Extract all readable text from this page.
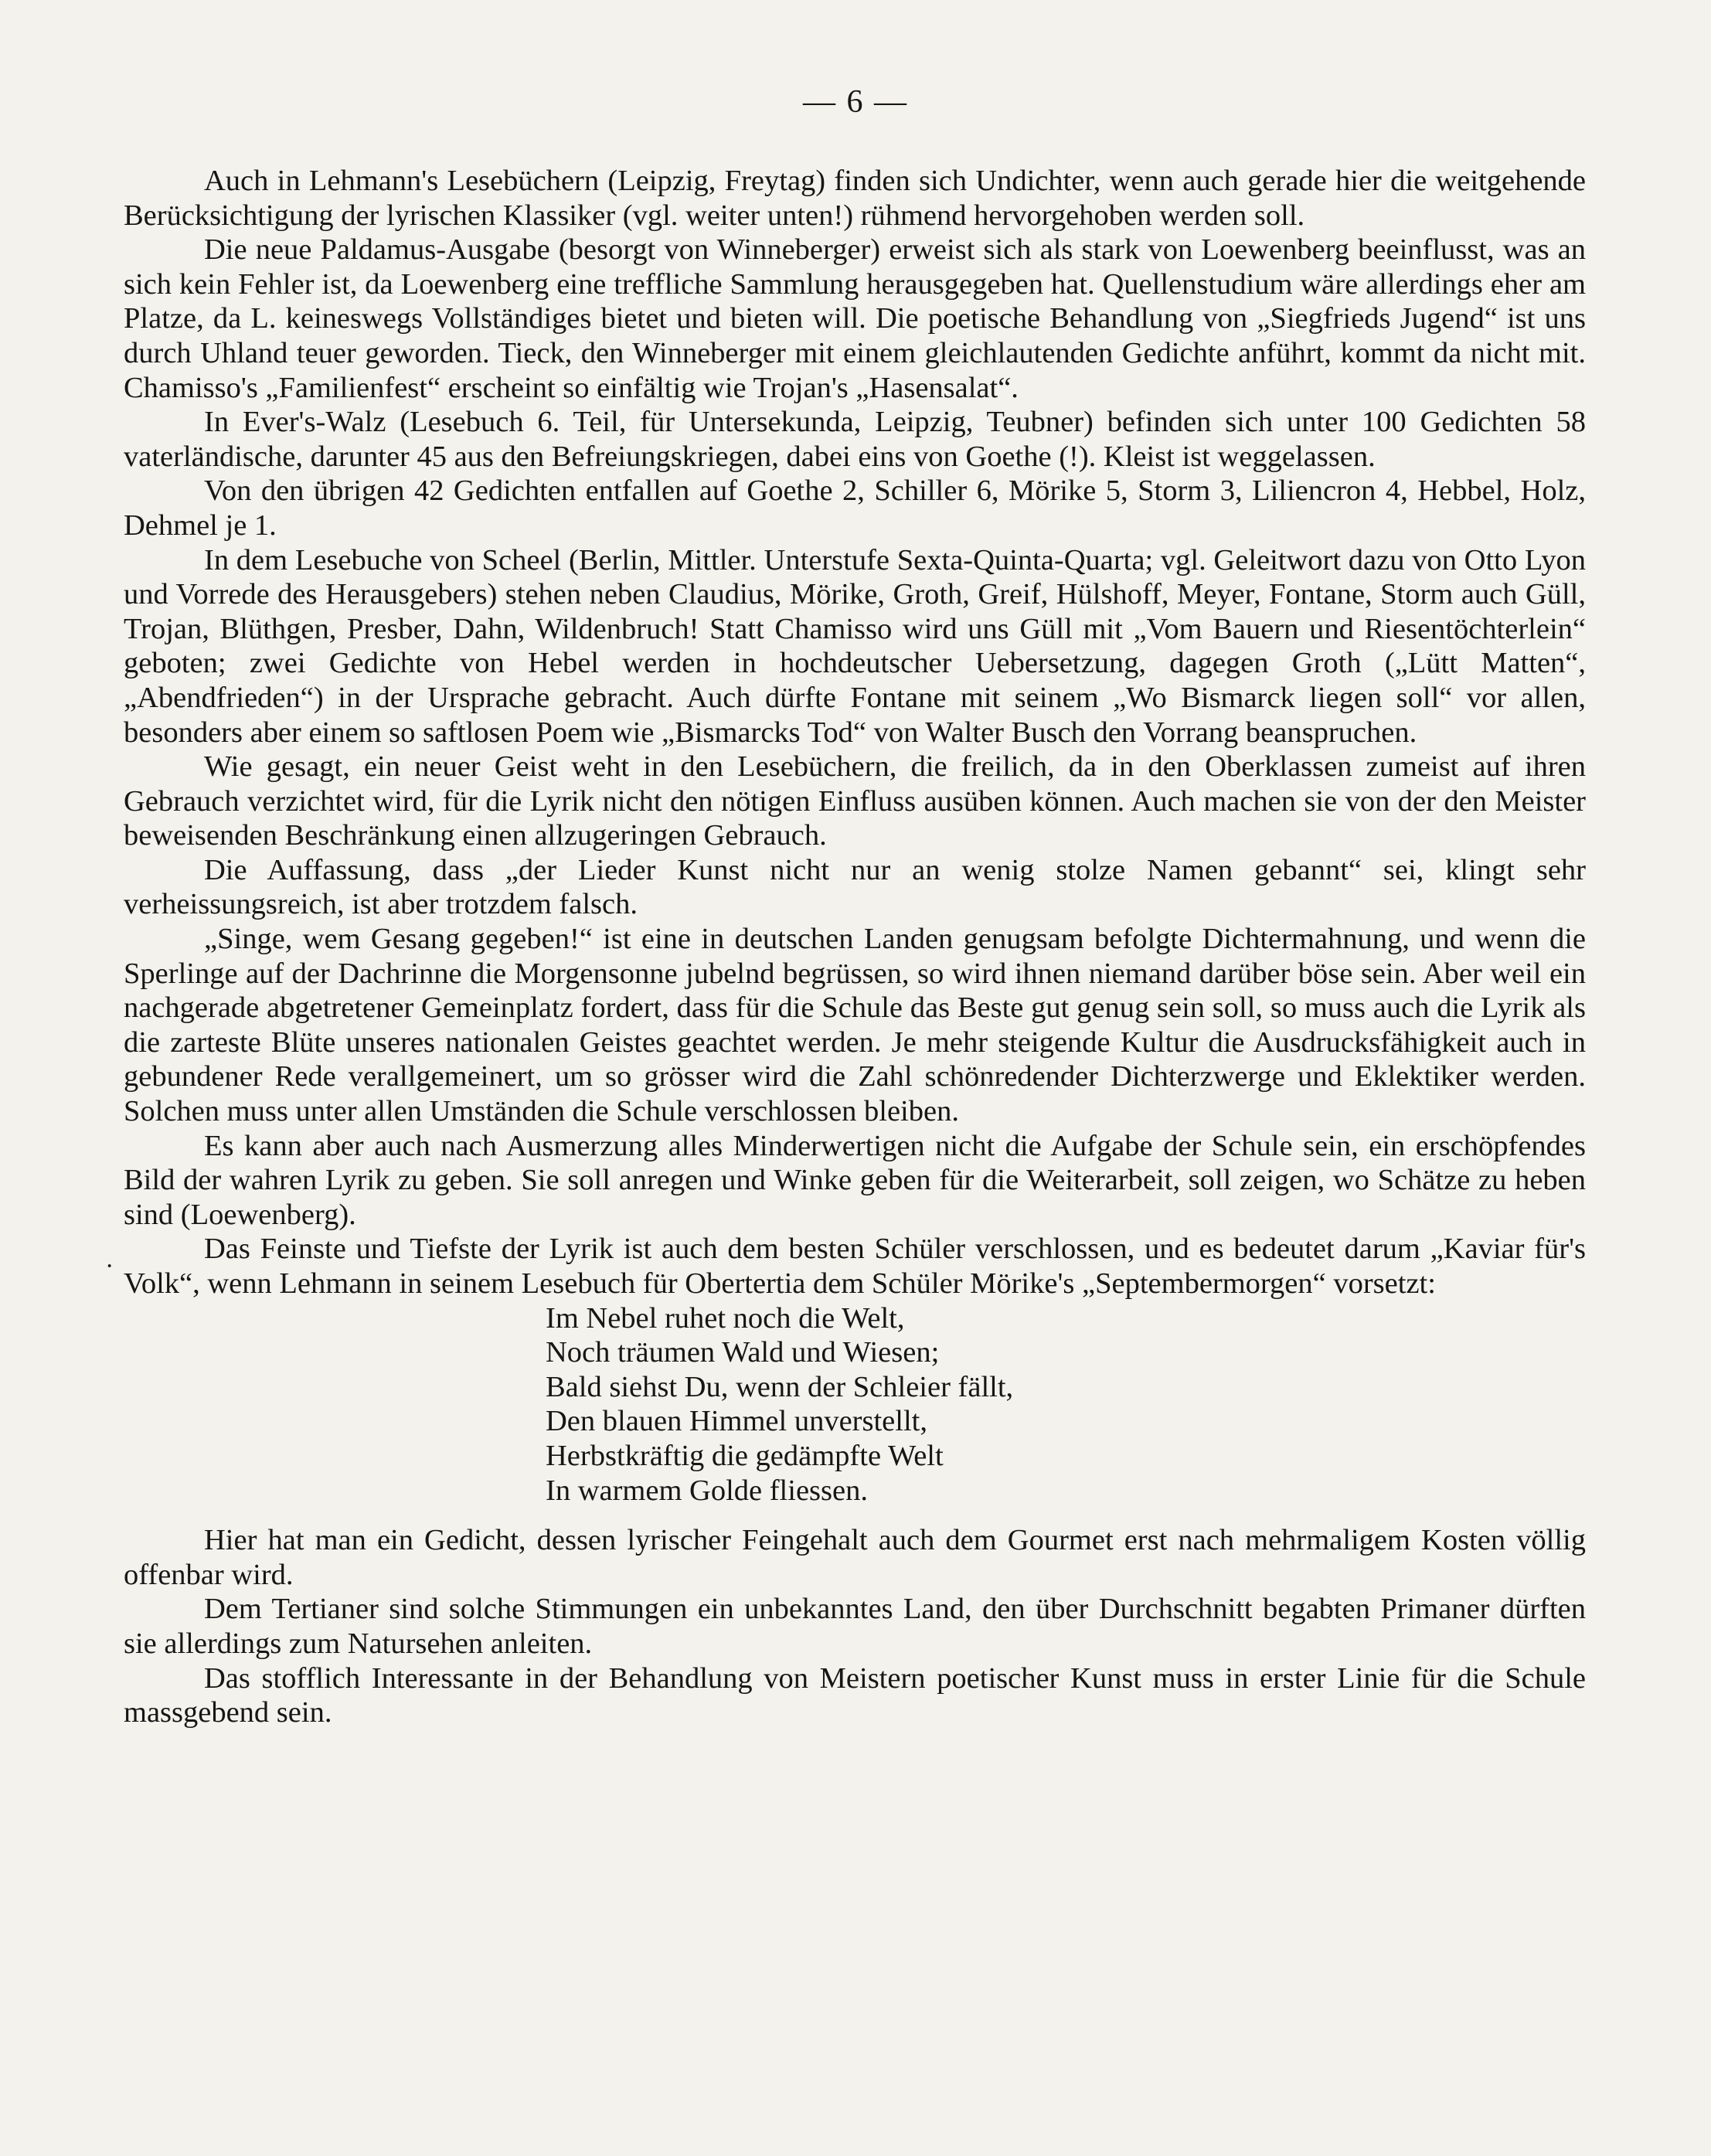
— 6 —
·

Auch in Lehmann's Lesebüchern (Leipzig, Freytag) finden sich Undichter, wenn auch gerade hier die weitgehende Berücksichtigung der lyrischen Klassiker (vgl. weiter unten!) rühmend hervorgehoben werden soll.

Die neue Paldamus-Ausgabe (besorgt von Winneberger) erweist sich als stark von Loewenberg beeinflusst, was an sich kein Fehler ist, da Loewenberg eine treffliche Sammlung herausgegeben hat. Quellenstudium wäre allerdings eher am Platze, da L. keineswegs Vollständiges bietet und bieten will. Die poetische Behandlung von „Siegfrieds Jugend“ ist uns durch Uhland teuer geworden. Tieck, den Winneberger mit einem gleichlautenden Gedichte anführt, kommt da nicht mit. Chamisso's „Familienfest“ erscheint so einfältig wie Trojan's „Hasensalat“.

In Ever's-Walz (Lesebuch 6. Teil, für Untersekunda, Leipzig, Teubner) befinden sich unter 100 Gedichten 58 vaterländische, darunter 45 aus den Befreiungskriegen, dabei eins von Goethe (!). Kleist ist weggelassen.

Von den übrigen 42 Gedichten entfallen auf Goethe 2, Schiller 6, Mörike 5, Storm 3, Liliencron 4, Hebbel, Holz, Dehmel je 1.

In dem Lesebuche von Scheel (Berlin, Mittler. Unterstufe Sexta-Quinta-Quarta; vgl. Geleitwort dazu von Otto Lyon und Vorrede des Herausgebers) stehen neben Claudius, Mörike, Groth, Greif, Hülshoff, Meyer, Fontane, Storm auch Güll, Trojan, Blüthgen, Presber, Dahn, Wildenbruch! Statt Chamisso wird uns Güll mit „Vom Bauern und Riesentöchterlein“ geboten; zwei Gedichte von Hebel werden in hochdeutscher Uebersetzung, dagegen Groth („Lütt Matten“, „Abendfrieden“) in der Ursprache gebracht. Auch dürfte Fontane mit seinem „Wo Bismarck liegen soll“ vor allen, besonders aber einem so saftlosen Poem wie „Bismarcks Tod“ von Walter Busch den Vorrang beanspruchen.

Wie gesagt, ein neuer Geist weht in den Lesebüchern, die freilich, da in den Oberklassen zumeist auf ihren Gebrauch verzichtet wird, für die Lyrik nicht den nötigen Einfluss ausüben können. Auch machen sie von der den Meister beweisenden Beschränkung einen allzugeringen Gebrauch.

Die Auffassung, dass „der Lieder Kunst nicht nur an wenig stolze Namen gebannt“ sei, klingt sehr verheissungsreich, ist aber trotzdem falsch.

„Singe, wem Gesang gegeben!“ ist eine in deutschen Landen genugsam befolgte Dichtermahnung, und wenn die Sperlinge auf der Dachrinne die Morgensonne jubelnd begrüssen, so wird ihnen niemand darüber böse sein. Aber weil ein nachgerade abgetretener Gemeinplatz fordert, dass für die Schule das Beste gut genug sein soll, so muss auch die Lyrik als die zarteste Blüte unseres nationalen Geistes geachtet werden. Je mehr steigende Kultur die Ausdrucksfähigkeit auch in gebundener Rede verallgemeinert, um so grösser wird die Zahl schönredender Dichterzwerge und Eklektiker werden. Solchen muss unter allen Umständen die Schule verschlossen bleiben.

Es kann aber auch nach Ausmerzung alles Minderwertigen nicht die Aufgabe der Schule sein, ein erschöpfendes Bild der wahren Lyrik zu geben. Sie soll anregen und Winke geben für die Weiterarbeit, soll zeigen, wo Schätze zu heben sind (Loewenberg).

Das Feinste und Tiefste der Lyrik ist auch dem besten Schüler verschlossen, und es bedeutet darum „Kaviar für's Volk“, wenn Lehmann in seinem Lesebuch für Obertertia dem Schüler Mörike's „Septembermorgen“ vorsetzt:

Im Nebel ruhet noch die Welt,
Noch träumen Wald und Wiesen;
Bald siehst Du, wenn der Schleier fällt,
Den blauen Himmel unverstellt,
Herbstkräftig die gedämpfte Welt
In warmem Golde fliessen.

Hier hat man ein Gedicht, dessen lyrischer Feingehalt auch dem Gourmet erst nach mehrmaligem Kosten völlig offenbar wird.

Dem Tertianer sind solche Stimmungen ein unbekanntes Land, den über Durchschnitt begabten Primaner dürften sie allerdings zum Natursehen anleiten.

Das stofflich Interessante in der Behandlung von Meistern poetischer Kunst muss in erster Linie für die Schule massgebend sein.
